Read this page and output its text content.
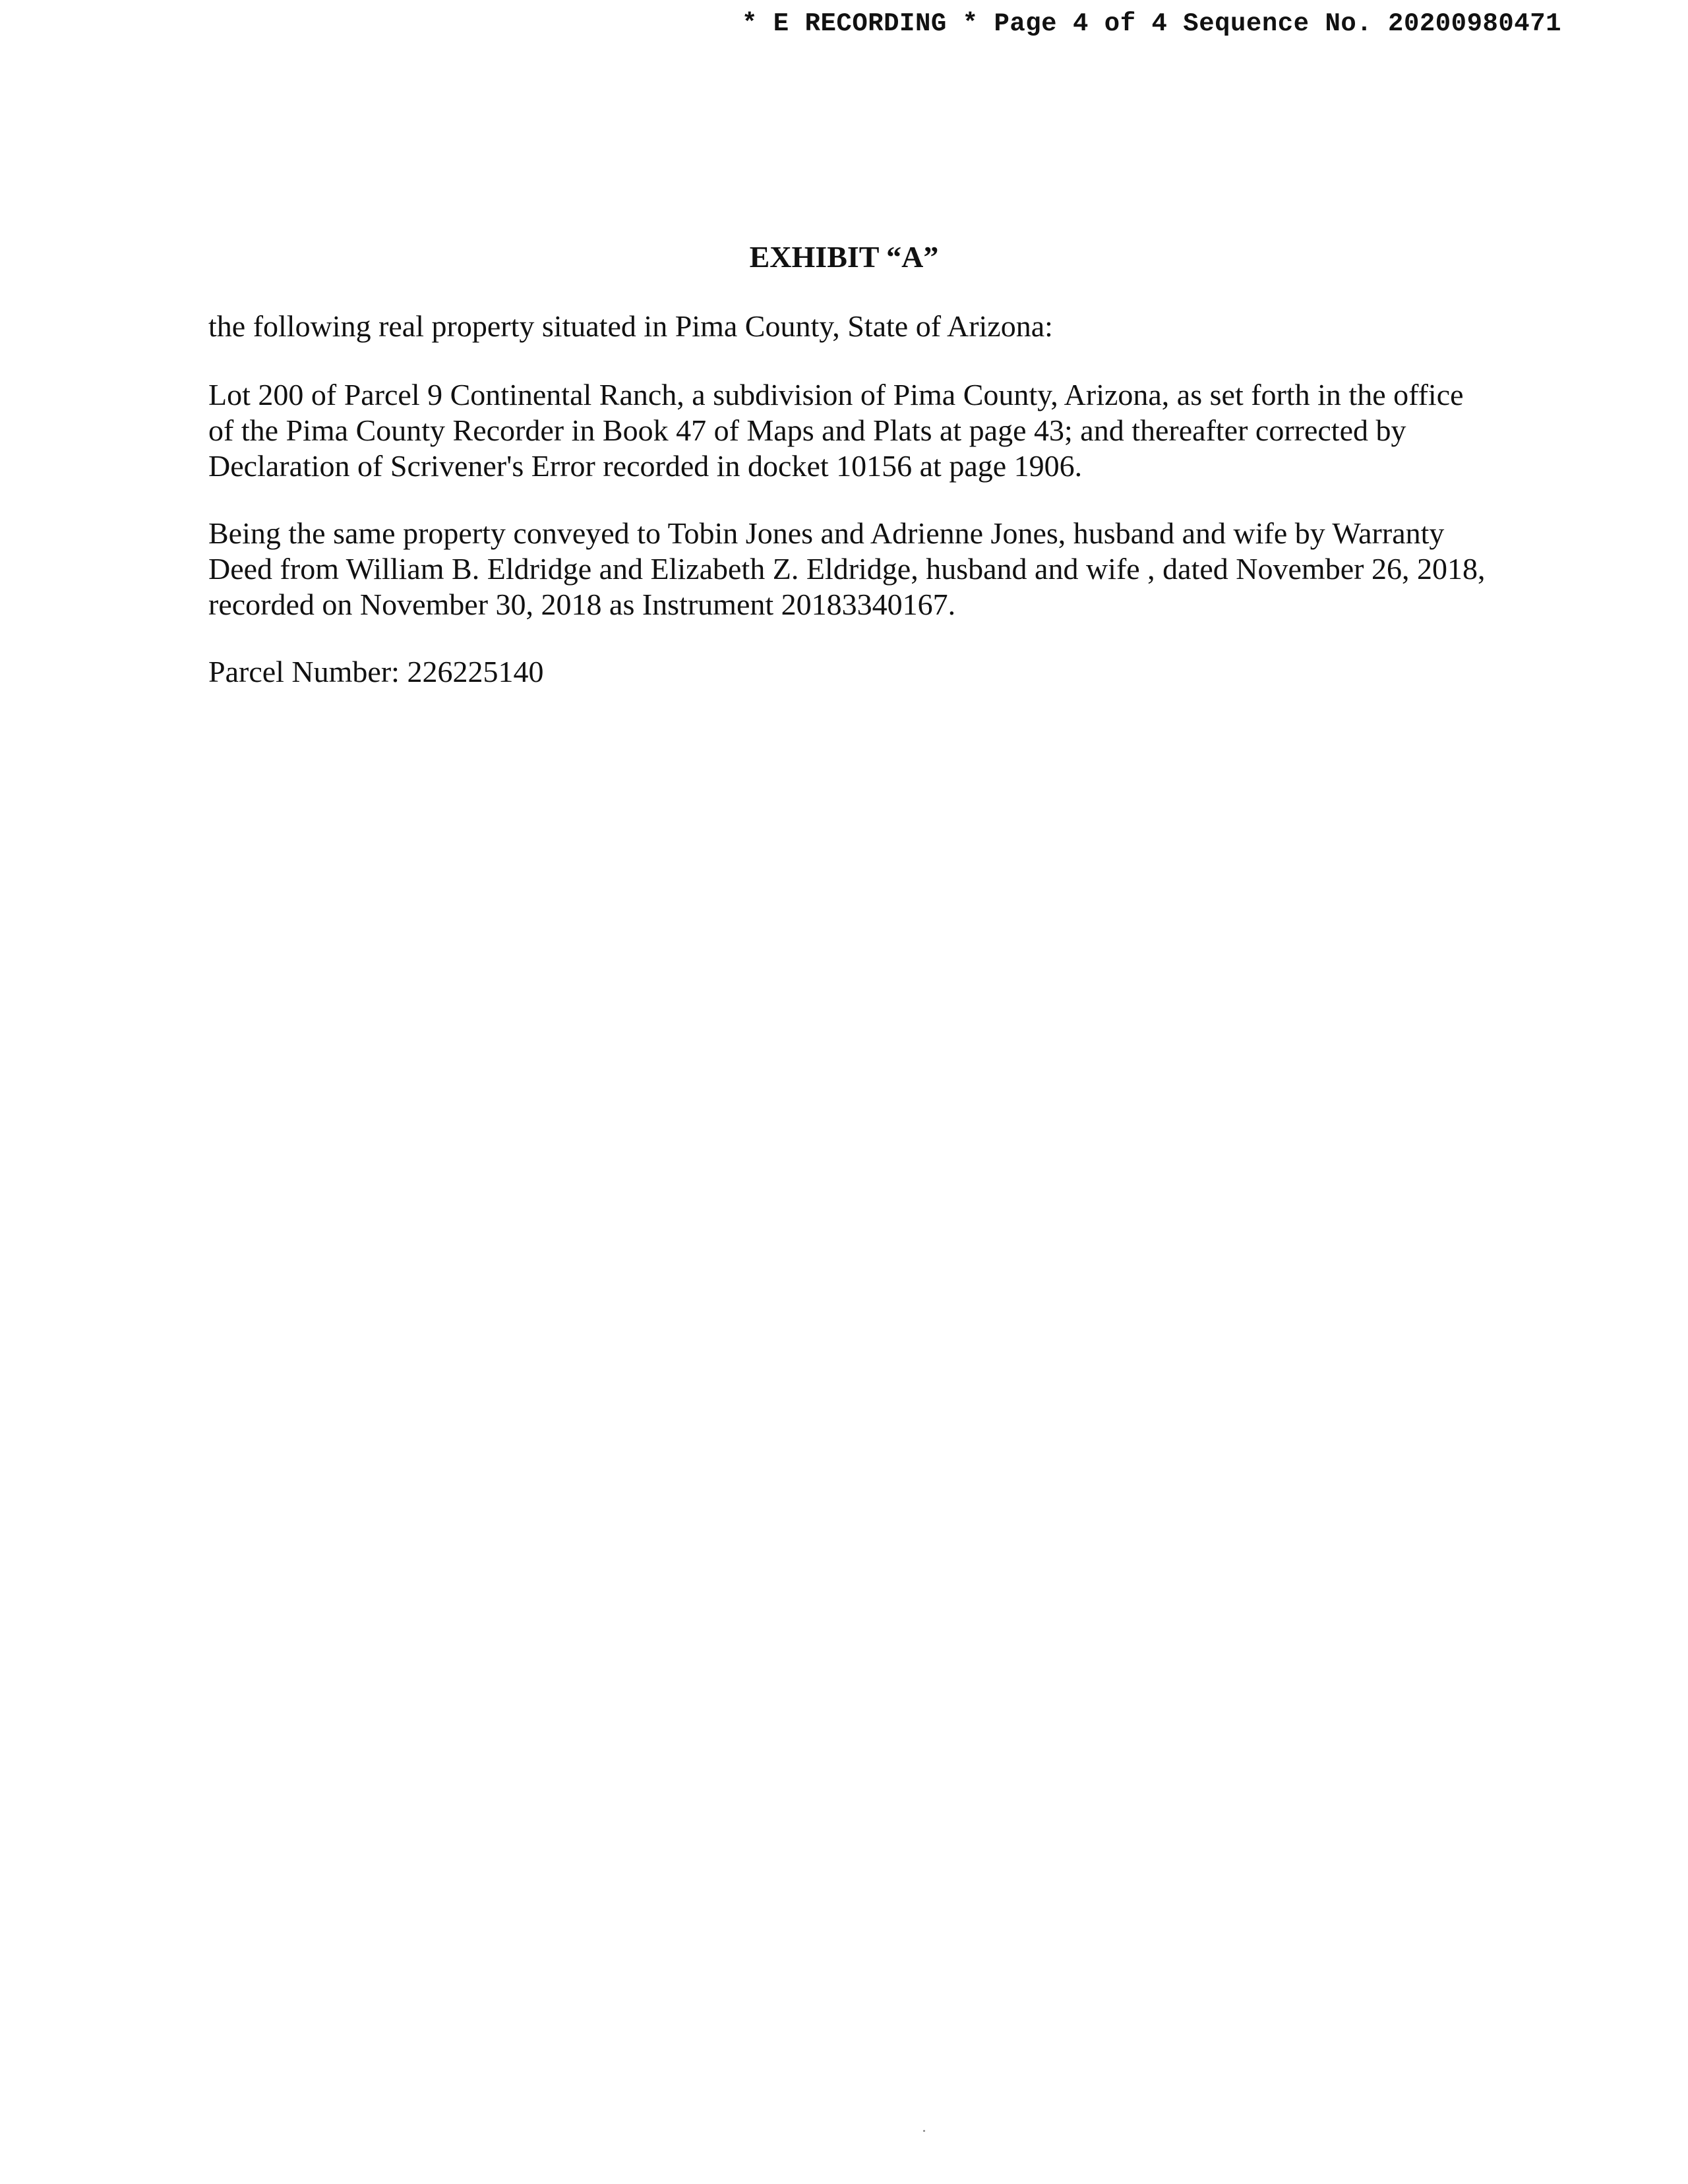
* E RECORDING * Page 4 of 4 Sequence No. 20200980471
EXHIBIT “A”

the following real property situated in Pima County, State of Arizona:

Lot 200 of Parcel 9 Continental Ranch, a subdivision of Pima County, Arizona, as set forth in the office
of the Pima County Recorder in Book 47 of Maps and Plats at page 43; and thereafter corrected by
Declaration of Scrivener's Error recorded in docket 10156 at page 1906.

Being the same property conveyed to Tobin Jones and Adrienne Jones, husband and wife by Warranty
Deed from William B. Eldridge and Elizabeth Z. Eldridge, husband and wife , dated November 26, 2018,
recorded on November 30, 2018 as Instrument 20183340167.

Parcel Number: 226225140
